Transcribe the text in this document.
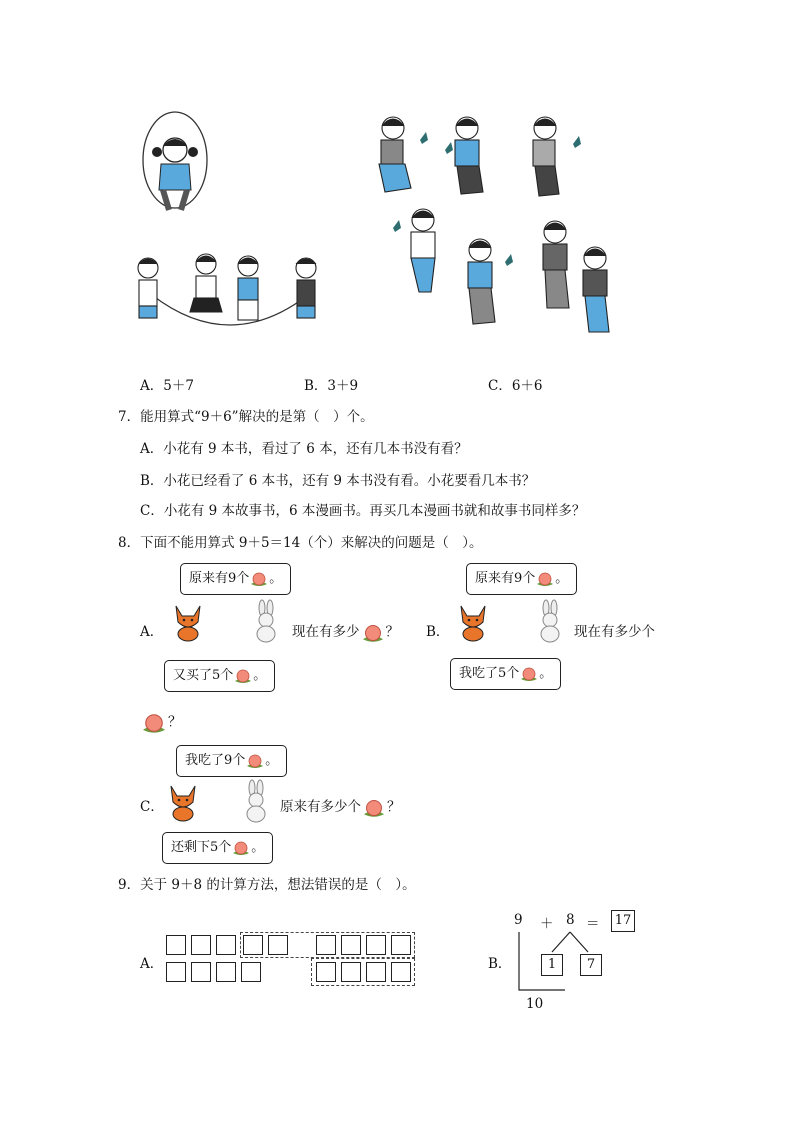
A．5＋7	B．3＋9	C．6＋6
7．能用算式“9＋6”解决的是第（　）个。
A．小花有 9 本书，看过了 6 本，还有几本书没有看？
B．小花已经看了 6 本书，还有 9 本书没有看。小花要看几本书？
C．小花有 9 本故事书，6 本漫画书。再买几本漫画书就和故事书同样多？
8．下面不能用算式 9＋5＝14（个）来解决的问题是（　）。
A．
原来有9个 。
现在有多少 ？
又买了5个 。
B．
原来有9个 。
现在有多少个
我吃了5个 。
？
C．
我吃了9个 。
原来有多少个 ？
还剩下5个 。
9．关于 9＋8 的计算方法，想法错误的是（　）。
A．	B．
9 ＋ 8 ＝ 17
1	7
10
